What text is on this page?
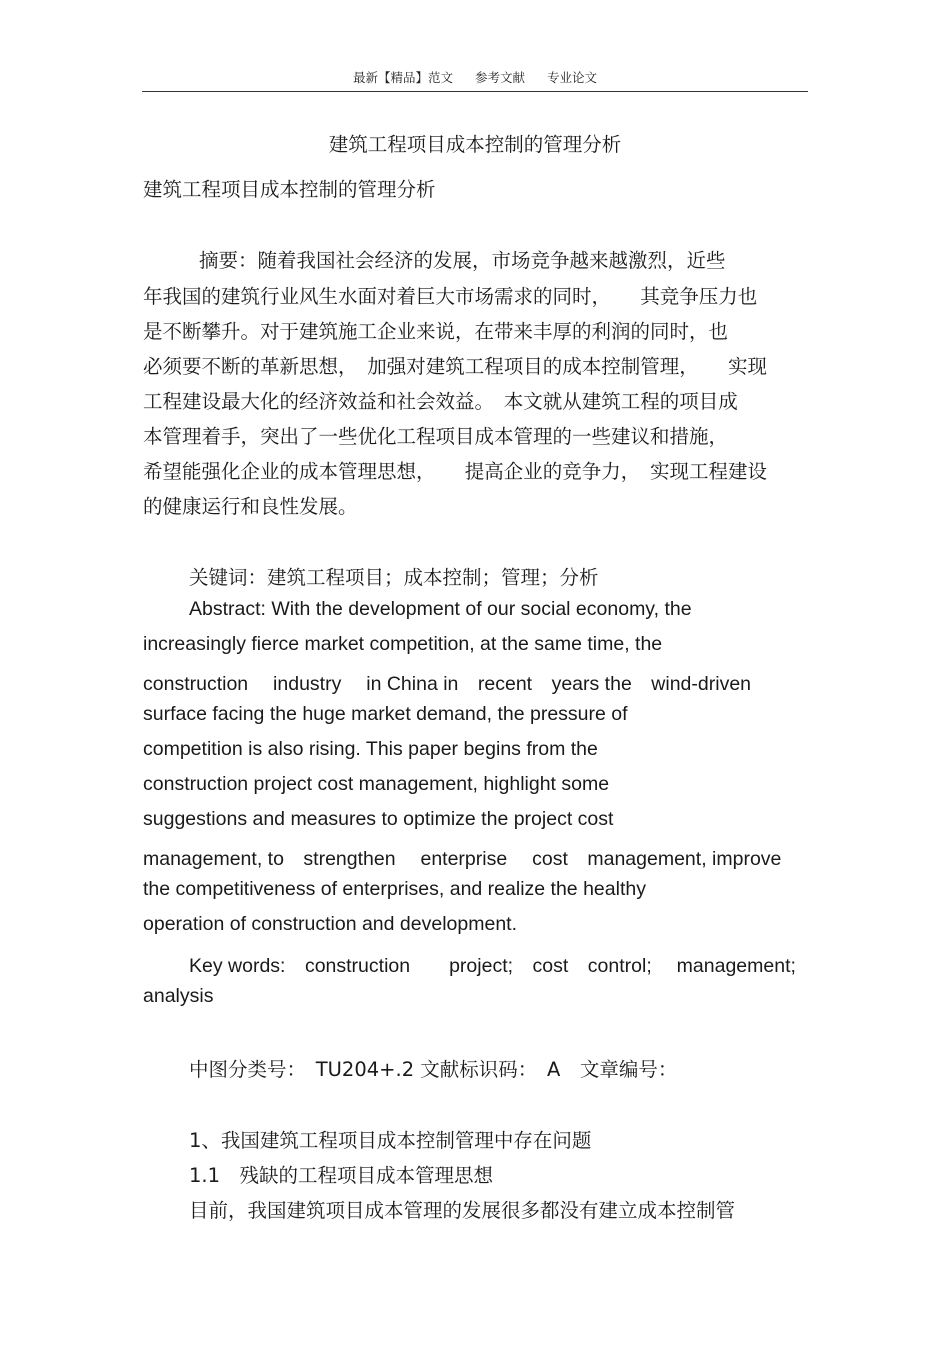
最新【精品】范文 参考文献 专业论文
建筑工程项目成本控制的管理分析
建筑工程项目成本控制的管理分析
摘要：随着我国社会经济的发展，市场竞争越来越激烈，近些
年我国的建筑行业风生水面对着巨大市场需求的同时，　　其竞争压力也
是不断攀升。对于建筑施工企业来说，在带来丰厚的利润的同时，也
必须要不断的革新思想，　加强对建筑工程项目的成本控制管理，　　实现
工程建设最大化的经济效益和社会效益。　本文就从建筑工程的项目成
本管理着手，突出了一些优化工程项目成本管理的一些建议和措施，
希望能强化企业的成本管理思想，　　提高企业的竞争力，　实现工程建设
的健康运行和良性发展。
关键词：建筑工程项目；成本控制；管理；分析
Abstract: With the development of our social economy, the
increasingly fierce market competition, at the same time, the
construction　 industry　 in China in　recent　years the　wind-driven
surface facing the huge market demand, the pressure of
competition is also rising. This paper begins from the
construction project cost management, highlight some
suggestions and measures to optimize the project cost
management, to　strengthen　 enterprise　 cost　management, improve
the competitiveness of enterprises, and realize the healthy
operation of construction and development.
Key words:　construction　　project;　cost　control;　 management;
analysis
中图分类号：　TU204+.2 文献标识码：　A　文章编号：
1、我国建筑工程项目成本控制管理中存在问题
1.1　残缺的工程项目成本管理思想
目前，我国建筑项目成本管理的发展很多都没有建立成本控制管
